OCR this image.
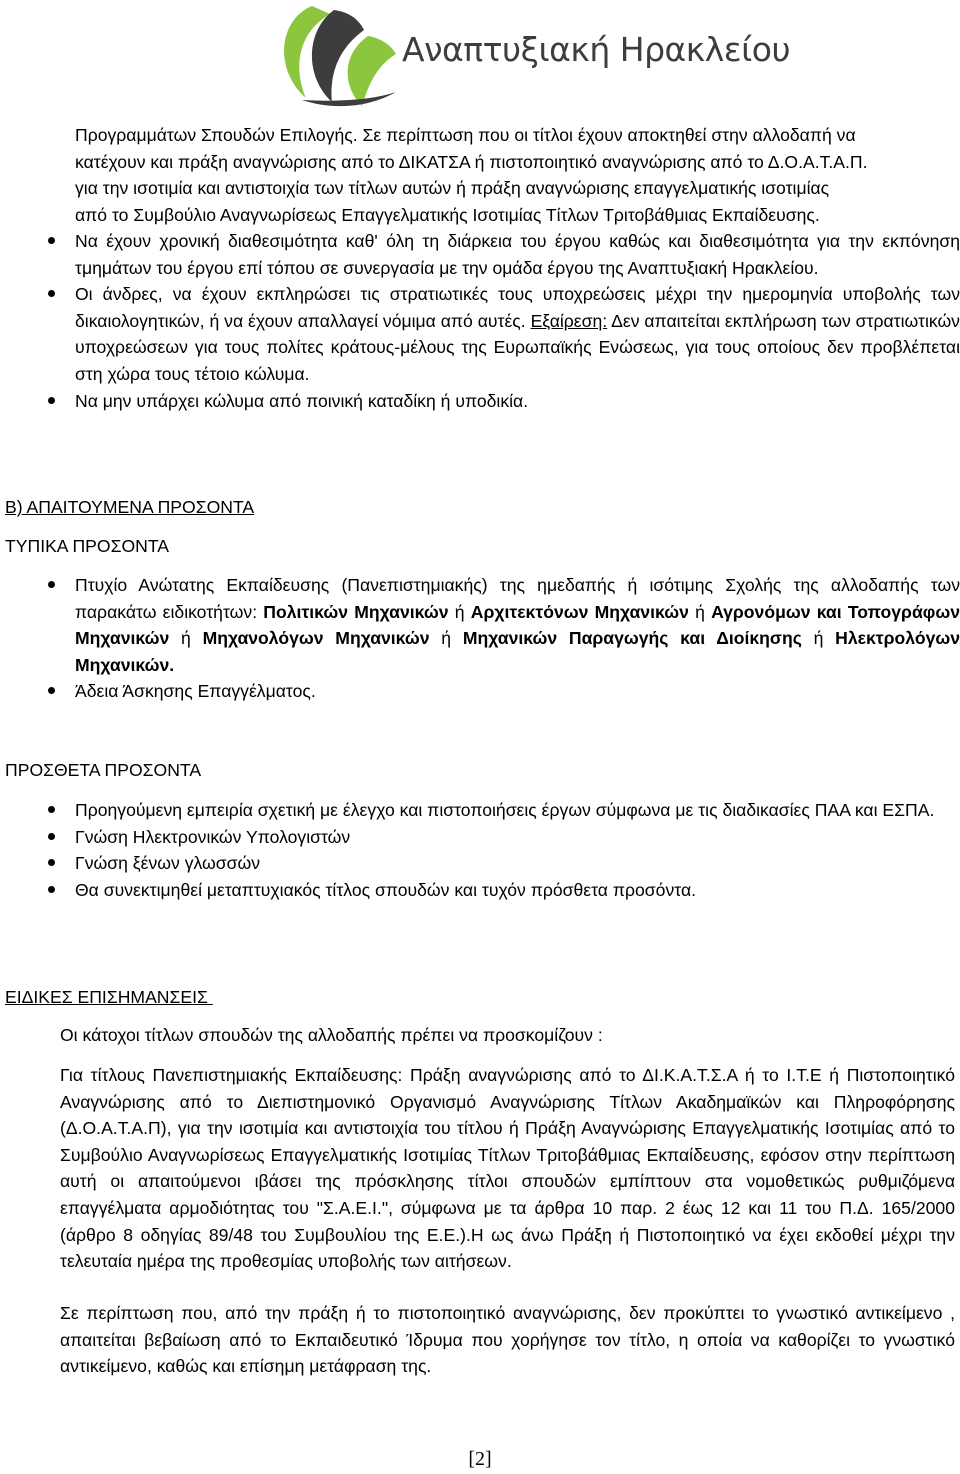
Αναπτυξιακή Ηρακλείου
Προγραμμάτων Σπουδών Επιλογής. Σε περίπτωση που οι τίτλοι έχουν αποκτηθεί στην αλλοδαπή να
κατέχουν και πράξη αναγνώρισης από το ΔΙΚΑΤΣΑ ή πιστοποιητικό αναγνώρισης από το Δ.Ο.Α.Τ.Α.Π.
για την ισοτιμία και αντιστοιχία των τίτλων αυτών ή πράξη αναγνώρισης επαγγελματικής ισοτιμίας
από το Συμβούλιο Αναγνωρίσεως Επαγγελματικής Ισοτιμίας Τίτλων Τριτοβάθμιας Εκπαίδευσης.
Να έχουν χρονική διαθεσιμότητα καθ' όλη τη διάρκεια του έργου καθώς και διαθεσιμότητα για την εκπόνηση τμημάτων του έργου επί τόπου σε συνεργασία με την ομάδα έργου της Αναπτυξιακή Ηρακλείου.
Οι άνδρες, να έχουν εκπληρώσει τις στρατιωτικές τους υποχρεώσεις μέχρι την ημερομηνία υποβολής των δικαιολογητικών, ή να έχουν απαλλαγεί νόμιμα από αυτές. Εξαίρεση: Δεν απαιτείται εκπλήρωση των στρατιωτικών υποχρεώσεων για τους πολίτες κράτους-μέλους της Ευρωπαϊκής Ενώσεως, για τους οποίους δεν προβλέπεται στη χώρα τους τέτοιο κώλυμα.
Να μην υπάρχει κώλυμα από ποινική καταδίκη ή υποδικία.
Β) ΑΠΑΙΤΟΥΜΕΝΑ ΠΡΟΣΟΝΤΑ
ΤΥΠΙΚΑ ΠΡΟΣΟΝΤΑ
Πτυχίο Ανώτατης Εκπαίδευσης (Πανεπιστημιακής) της ημεδαπής ή ισότιμης Σχολής της αλλοδαπής των παρακάτω ειδικοτήτων: Πολιτικών Μηχανικών ή Αρχιτεκτόνων Μηχανικών ή Αγρονόμων και Τοπογράφων Μηχανικών ή Μηχανολόγων Μηχανικών ή Μηχανικών Παραγωγής και Διοίκησης ή Ηλεκτρολόγων Μηχανικών.
Άδεια Άσκησης Επαγγέλματος.
ΠΡΟΣΘΕΤΑ ΠΡΟΣΟΝΤΑ
Προηγούμενη εμπειρία σχετική με έλεγχο και πιστοποιήσεις έργων σύμφωνα με τις διαδικασίες ΠΑΑ και ΕΣΠΑ.
Γνώση Ηλεκτρονικών Υπολογιστών
Γνώση ξένων γλωσσών
Θα συνεκτιμηθεί μεταπτυχιακός τίτλος σπουδών και τυχόν πρόσθετα προσόντα.
ΕΙΔΙΚΕΣ ΕΠΙΣΗΜΑΝΣΕΙΣ
Οι κάτοχοι τίτλων σπουδών της αλλοδαπής πρέπει να προσκομίζουν :
Για τίτλους Πανεπιστημιακής Εκπαίδευσης: Πράξη αναγνώρισης από το ΔΙ.Κ.Α.Τ.Σ.Α ή το Ι.Τ.Ε ή Πιστοποιητικό Αναγνώρισης από το Διεπιστημονικό Οργανισμό Αναγνώρισης Τίτλων Ακαδημαϊκών και Πληροφόρησης (Δ.Ο.Α.Τ.Α.Π), για την ισοτιμία και αντιστοιχία του τίτλου ή Πράξη Αναγνώρισης Επαγγελματικής Ισοτιμίας από το Συμβούλιο Αναγνωρίσεως Επαγγελματικής Ισοτιμίας Τίτλων Τριτοβάθμιας Εκπαίδευσης, εφόσον στην περίπτωση αυτή οι απαιτούμενοι ιβάσει της πρόσκλησης τίτλοι σπουδών εμπίπτουν στα νομοθετικώς ρυθμιζόμενα επαγγέλματα αρμοδιότητας του "Σ.Α.Ε.Ι.", σύμφωνα με τα άρθρα 10 παρ. 2 έως 12 και 11 του Π.Δ. 165/2000 (άρθρο 8 οδηγίας 89/48 του Συμβουλίου της Ε.Ε.).Η ως άνω Πράξη ή Πιστοποιητικό να έχει εκδοθεί μέχρι την τελευταία ημέρα της προθεσμίας υποβολής των αιτήσεων.
Σε περίπτωση που, από την πράξη ή το πιστοποιητικό αναγνώρισης, δεν προκύπτει το γνωστικό αντικείμενο , απαιτείται βεβαίωση από το Εκπαιδευτικό Ίδρυμα που χορήγησε τον τίτλο, η οποία να καθορίζει το γνωστικό αντικείμενο, καθώς και επίσημη μετάφραση της.
[2]
